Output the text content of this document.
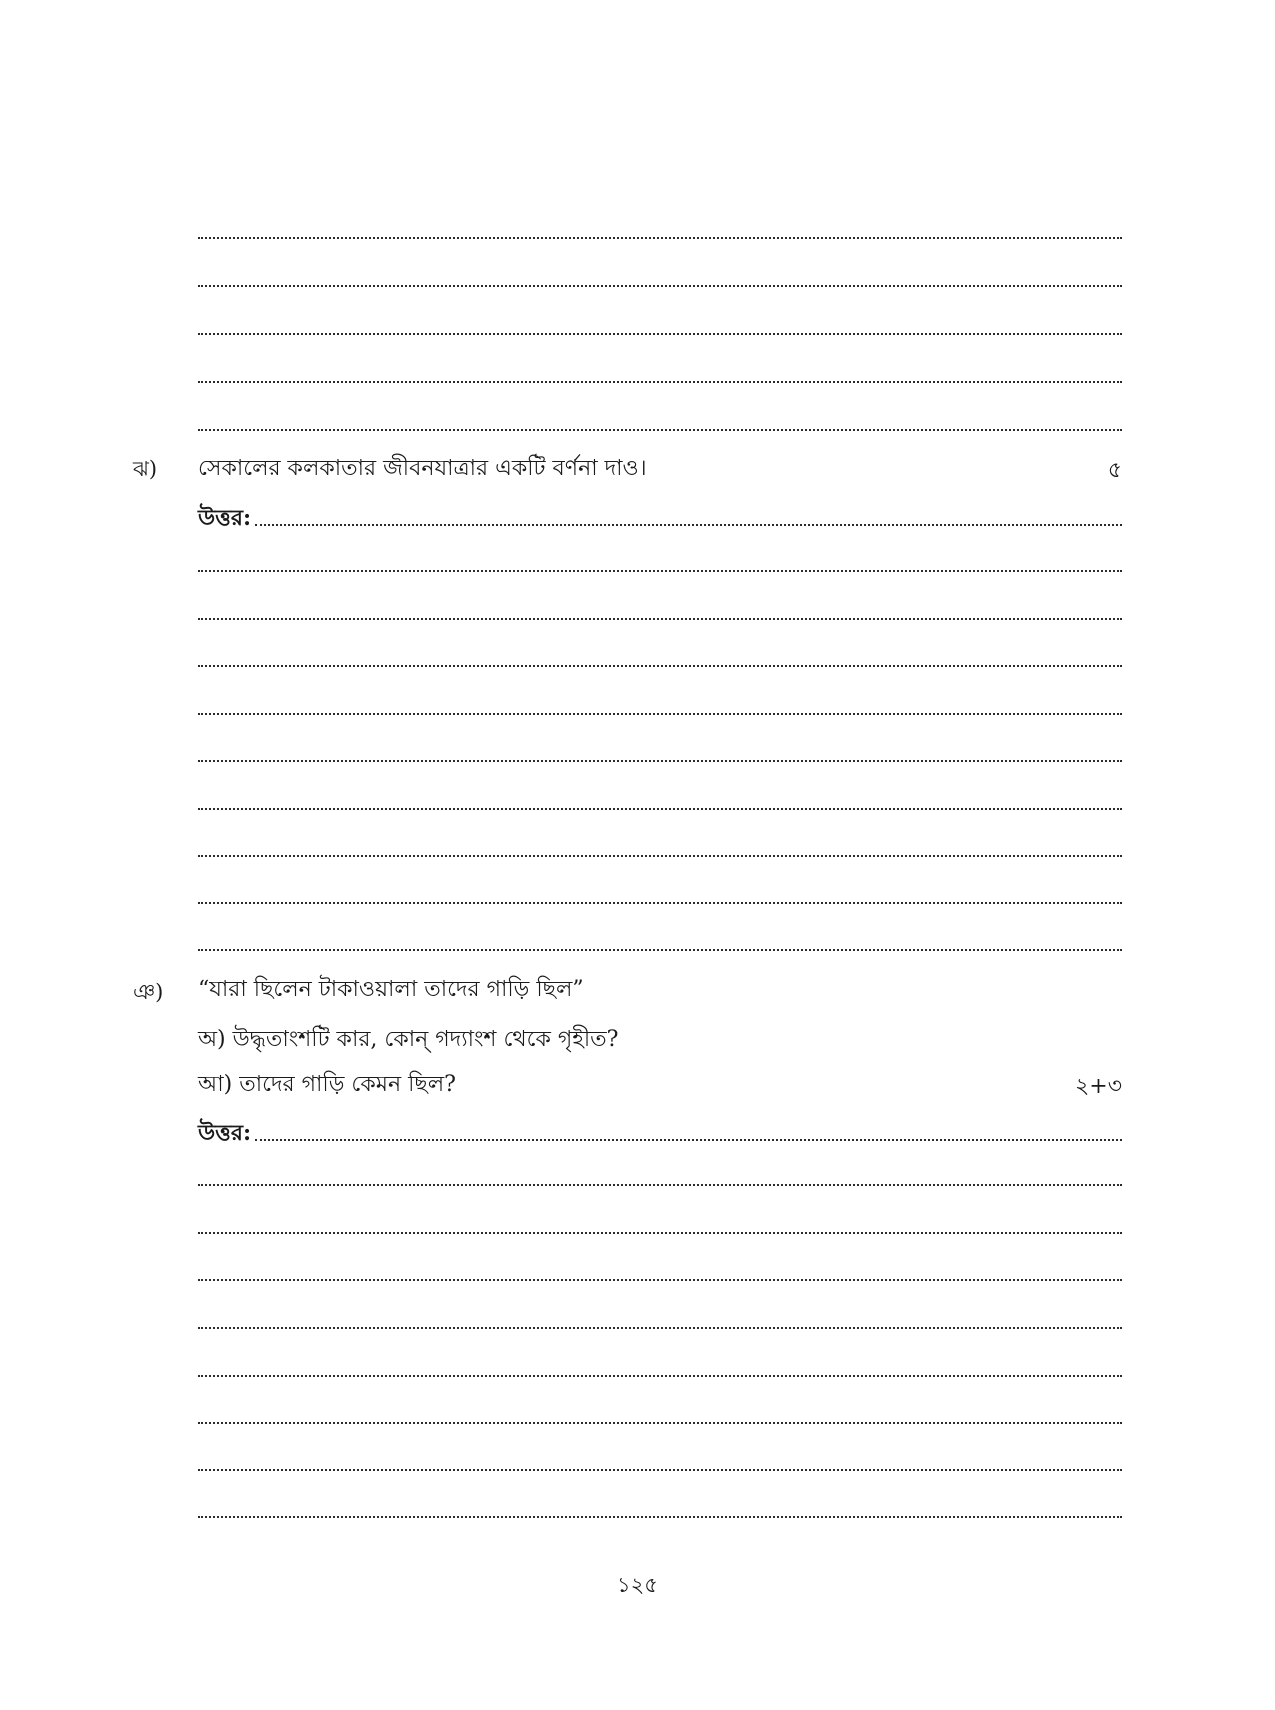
ঝ) সেকালের কলকাতার জীবনযাত্রার একটি বর্ণনা দাও।	৫
উত্তর:
ঞ) “যারা ছিলেন টাকাওয়ালা তাদের গাড়ি ছিল”
অ) উদ্ধৃতাংশটি কার, কোন্ গদ্যাংশ থেকে গৃহীত?
আ) তাদের গাড়ি কেমন ছিল?	২+৩
উত্তর:
১২৫
